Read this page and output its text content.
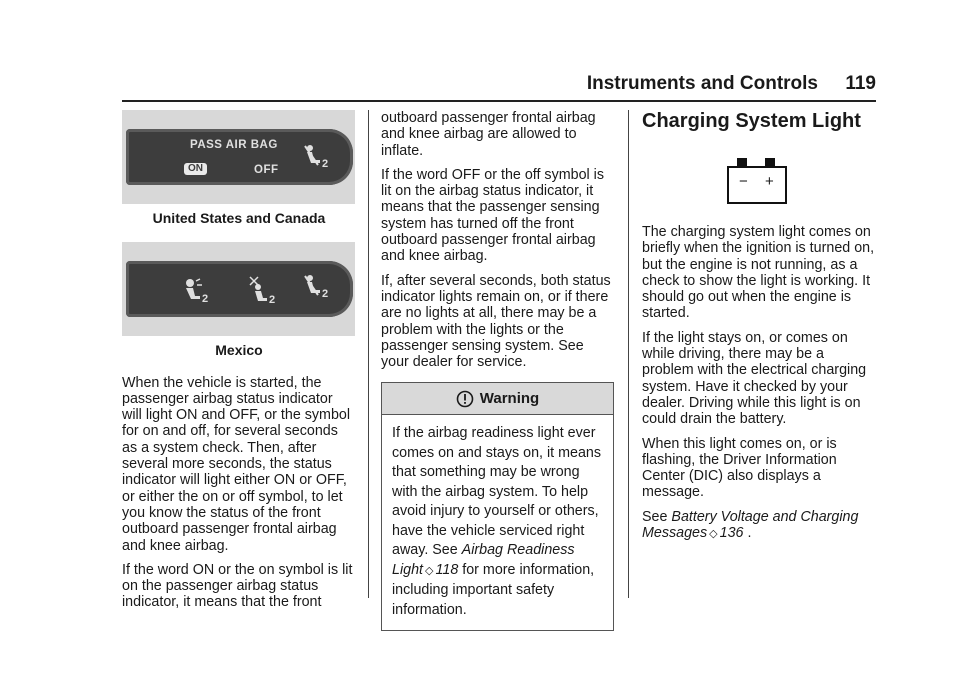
Instruments and Controls 119
PASS AIR BAG
ON	OFF	2
United States and Canada
2	2	2
Mexico

When the vehicle is started, the passenger airbag status indicator will light ON and OFF, or the symbol for on and off, for several seconds as a system check. Then, after several more seconds, the status indicator will light either ON or OFF, or either the on or off symbol, to let you know the status of the front outboard passenger frontal airbag and knee airbag.

If the word ON or the on symbol is lit on the passenger airbag status indicator, it means that the front

outboard passenger frontal airbag and knee airbag are allowed to inflate.

If the word OFF or the off symbol is lit on the airbag status indicator, it means that the passenger sensing system has turned off the front outboard passenger frontal airbag and knee airbag.

If, after several seconds, both status indicator lights remain on, or if there are no lights at all, there may be a problem with the lights or the passenger sensing system. See your dealer for service.

Warning
If the airbag readiness light ever comes on and stays on, it means that something may be wrong with the airbag system. To help avoid injury to yourself or others, have the vehicle serviced right away. See Airbag Readiness Light ◇ 118 for more information, including important safety information.

Charging System Light

− +

The charging system light comes on briefly when the ignition is turned on, but the engine is not running, as a check to show the light is working. It should go out when the engine is started.

If the light stays on, or comes on while driving, there may be a problem with the electrical charging system. Have it checked by your dealer. Driving while this light is on could drain the battery.

When this light comes on, or is flashing, the Driver Information Center (DIC) also displays a message.

See Battery Voltage and Charging Messages ◇ 136 .
